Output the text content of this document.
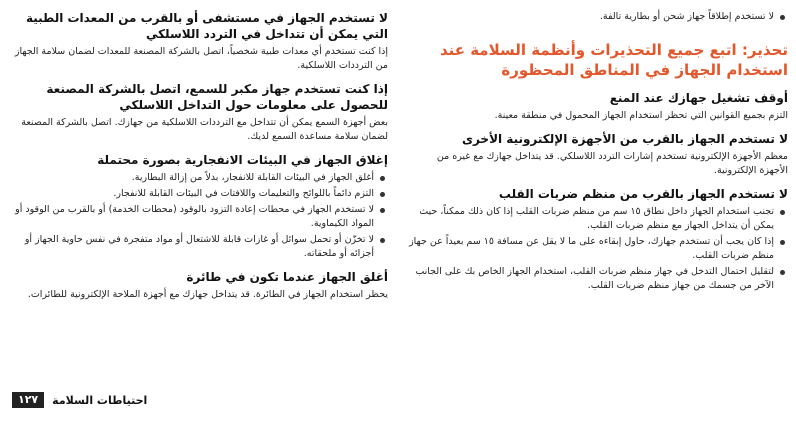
لا تستخدم إطلاقاً جهاز شحن أو بطارية تالفة.
تحذير: اتبع جميع التحذيرات وأنظمة السلامة عند استخدام الجهاز في المناطق المحظورة
أوقف تشغيل جهازك عند المنع
التزم بجميع القوانين التي تحظر استخدام الجهاز المحمول في منطقة معينة.
لا تستخدم الجهاز بالقرب من الأجهزة الإلكترونية الأخرى
معظم الأجهزة الإلكترونية تستخدم إشارات التردد اللاسلكي. قد يتداخل جهازك مع غيره من الأجهزة الإلكترونية.
لا تستخدم الجهاز بالقرب من منظم ضربات القلب
تجنب استخدام الجهاز داخل نطاق ١٥ سم من منظم ضربات القلب إذا كان ذلك ممكناً، حيث يمكن أن يتداخل الجهاز مع منظم ضربات القلب.
إذا كان يجب أن تستخدم جهازك، حاول إبقاءه على ما لا يقل عن مسافة ١٥ سم بعيداً عن جهاز منظم ضربات القلب.
لتقليل احتمال التدخل في جهاز منظم ضربات القلب، استخدام الجهاز الخاص بك على الجانب الآخر من جسمك من جهاز منظم ضربات القلب.
لا تستخدم الجهاز في مستشفى أو بالقرب من المعدات الطبية التي يمكن أن تتداخل في التردد اللاسلكي
إذا كنت تستخدم أي معدات طبية شخصياً، اتصل بالشركة المصنعة للمعدات لضمان سلامة الجهاز من الترددات اللاسلكية.
إذا كنت تستخدم جهاز مكبر للسمع، اتصل بالشركة المصنعة للحصول على معلومات حول التداخل اللاسلكي
بعض أجهزة السمع يمكن أن تتداخل مع الترددات اللاسلكية من جهازك. اتصل بالشركة المصنعة لضمان سلامة مساعدة السمع لديك.
إغلاق الجهاز في البيئات الانفجارية بصورة محتملة
أغلق الجهاز في البيئات القابلة للانفجار، بدلاً من إزالة البطارية.
التزم دائماً باللوائح والتعليمات واللافتات في البيئات القابلة للانفجار.
لا تستخدم الجهاز في محطات إعادة التزود بالوقود (محطات الخدمة) أو بالقرب من الوقود أو المواد الكيماوية.
لا تخزّن أو تحمل سوائل أو غازات قابلة للاشتعال أو مواد متفجرة في نفس حاوية الجهاز أو أجزائه أو ملحقاته.
أغلق الجهاز عندما تكون في طائرة
يحظر استخدام الجهاز في الطائرة. قد يتداخل جهازك مع أجهزة الملاحة الإلكترونية للطائرات.
١٢٧	احتياطات السلامة
